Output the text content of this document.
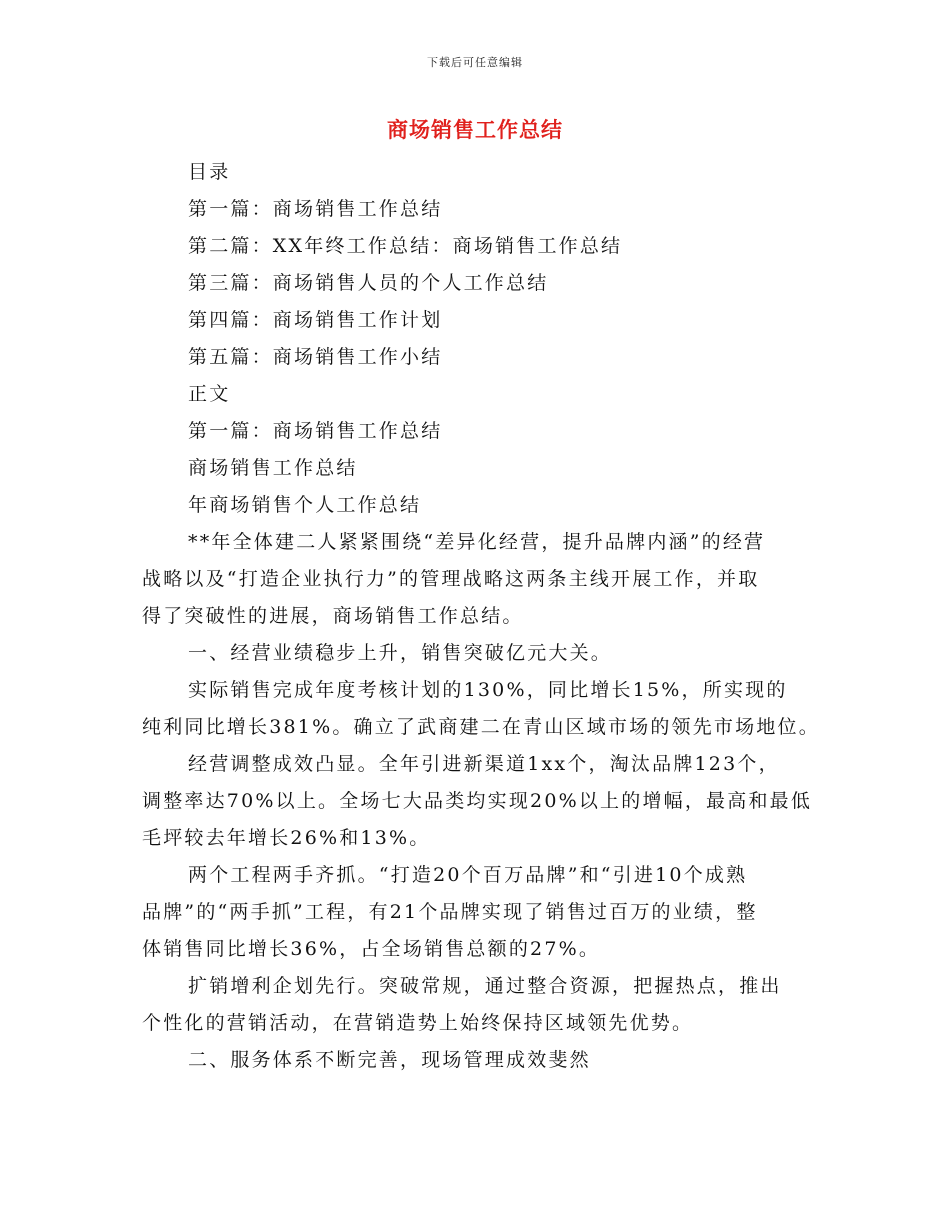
下载后可任意编辑
商场销售工作总结

目录

第一篇：商场销售工作总结

第二篇：XX年终工作总结：商场销售工作总结

第三篇：商场销售人员的个人工作总结

第四篇：商场销售工作计划

第五篇：商场销售工作小结

正文

第一篇：商场销售工作总结

商场销售工作总结

年商场销售个人工作总结

**年全体建二人紧紧围绕“差异化经营，提升品牌内涵”的经营

战略以及“打造企业执行力”的管理战略这两条主线开展工作，并取

得了突破性的进展，商场销售工作总结。

一、经营业绩稳步上升，销售突破亿元大关。

实际销售完成年度考核计划的130%，同比增长15%，所实现的

纯利同比增长381%。确立了武商建二在青山区域市场的领先市场地位。

经营调整成效凸显。全年引进新渠道1xx个，淘汰品牌123个，

调整率达70%以上。全场七大品类均实现20%以上的增幅，最高和最低

毛坪较去年增长26%和13%。

两个工程两手齐抓。“打造20个百万品牌”和“引进10个成熟

品牌”的“两手抓”工程，有21个品牌实现了销售过百万的业绩，整

体销售同比增长36%，占全场销售总额的27%。

扩销增利企划先行。突破常规，通过整合资源，把握热点，推出

个性化的营销活动，在营销造势上始终保持区域领先优势。

二、服务体系不断完善，现场管理成效斐然
